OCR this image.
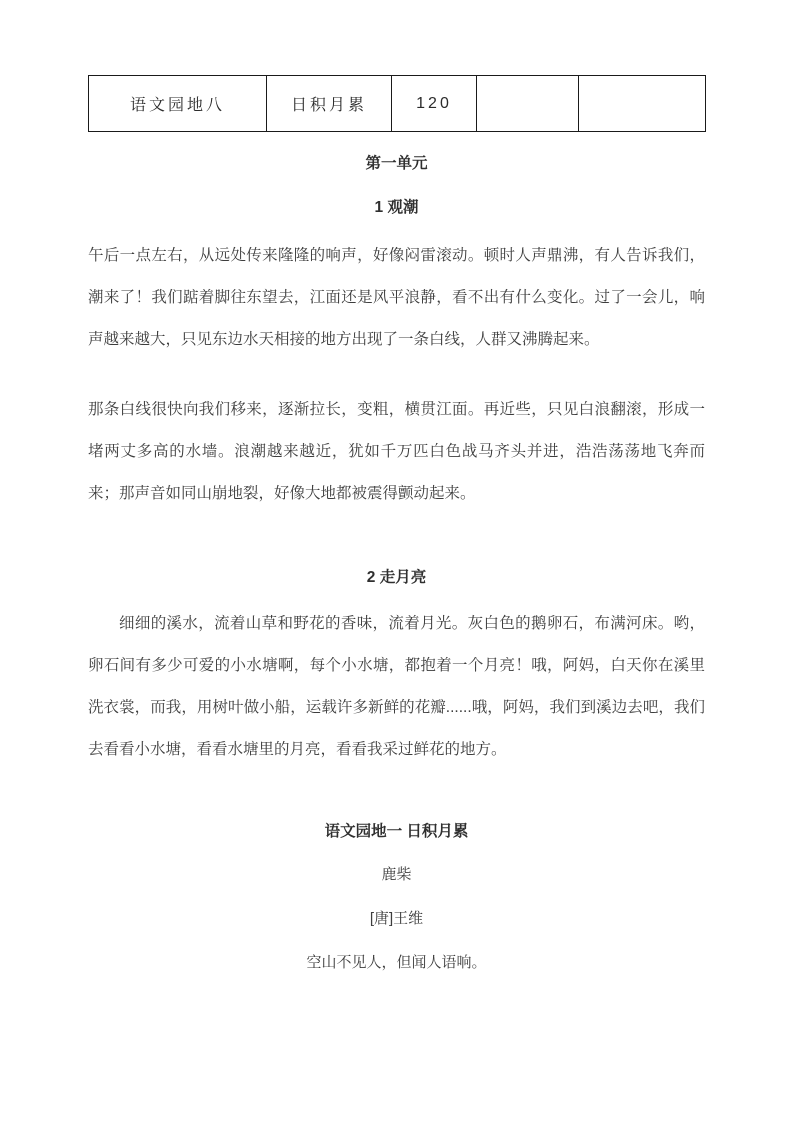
语文园地八	日积月累	120		
第一单元
1 观潮

午后一点左右，从远处传来隆隆的响声，好像闷雷滚动。顿时人声鼎沸，有人告诉我们，潮来了！我们踮着脚往东望去，江面还是风平浪静，看不出有什么变化。过了一会儿，响声越来越大，只见东边水天相接的地方出现了一条白线，人群又沸腾起来。

那条白线很快向我们移来，逐渐拉长，变粗，横贯江面。再近些，只见白浪翻滚，形成一堵两丈多高的水墙。浪潮越来越近，犹如千万匹白色战马齐头并进，浩浩荡荡地飞奔而来；那声音如同山崩地裂，好像大地都被震得颤动起来。

2 走月亮

细细的溪水，流着山草和野花的香味，流着月光。灰白色的鹅卵石，布满河床。哟，卵石间有多少可爱的小水塘啊，每个小水塘，都抱着一个月亮！哦，阿妈，白天你在溪里洗衣裳，而我，用树叶做小船，运载许多新鲜的花瓣......哦，阿妈，我们到溪边去吧，我们去看看小水塘，看看水塘里的月亮，看看我采过鲜花的地方。

语文园地一 日积月累

鹿柴

[唐]王维

空山不见人，但闻人语响。
